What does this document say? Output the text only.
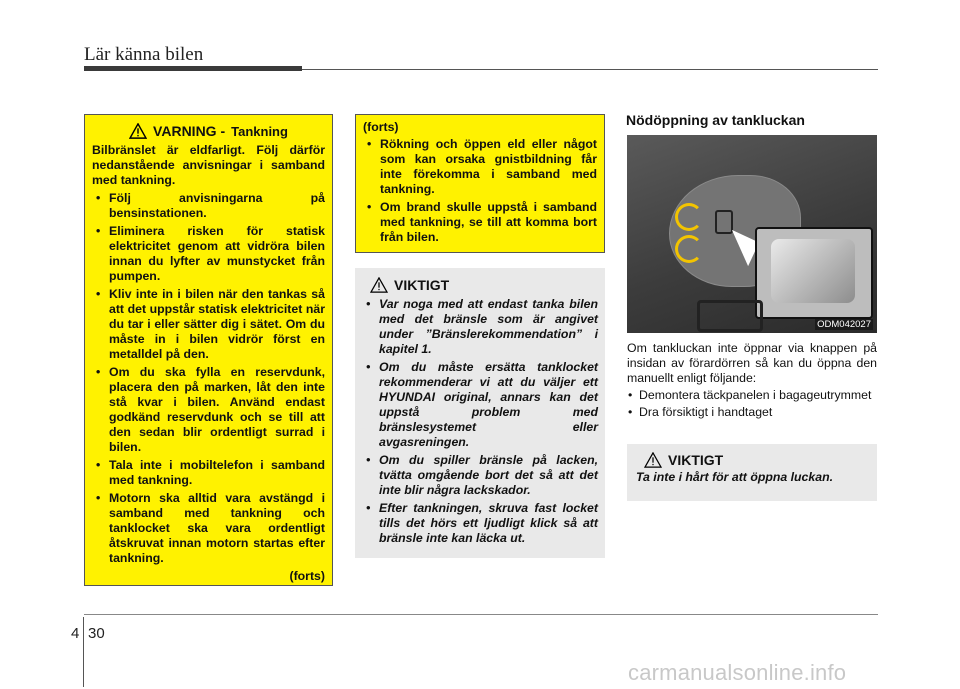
Lär känna bilen
VARNING - Tankning
Bilbränslet är eldfarligt. Följ därför nedanstående anvisningar i samband med tankning.
• Följ anvisningarna på bensinstationen.
• Eliminera risken för statisk elektricitet genom att vidröra bilen innan du lyfter av munstycket från pumpen.
• Kliv inte in i bilen när den tankas så att det uppstår statisk elektricitet när du tar i eller sätter dig i sätet. Om du måste in i bilen vidrör först en metalldel på den.
• Om du ska fylla en reservdunk, placera den på marken, låt den inte stå kvar i bilen. Använd endast godkänd reservdunk och se till att den sedan blir ordentligt surrad i bilen.
• Tala inte i mobiltelefon i samband med tankning.
• Motorn ska alltid vara avstängd i samband med tankning och tanklocket ska vara ordentligt åtskruvat innan motorn startas efter tankning.
(forts)
(forts)
• Rökning och öppen eld eller något som kan orsaka gnistbildning får inte förekomma i samband med tankning.
• Om brand skulle uppstå i samband med tankning, se till att komma bort från bilen.
VIKTIGT
• Var noga med att endast tanka bilen med det bränsle som är angivet under ”Bränslerekommendation” i kapitel 1.
• Om du måste ersätta tanklocket rekommenderar vi att du väljer ett HYUNDAI original, annars kan det uppstå problem med bränslesystemet eller avgasreningen.
• Om du spiller bränsle på lacken, tvätta omgående bort det så att det inte blir några lackskador.
• Efter tankningen, skruva fast locket tills det hörs ett ljudligt klick så att bränsle inte kan läcka ut.
Nödöppning av tankluckan
ODM042027
Om tankluckan inte öppnar via knappen på insidan av förardörren så kan du öppna den manuellt enligt följande:
• Demontera täckpanelen i bagageutrymmet
• Dra försiktigt i handtaget
VIKTIGT
Ta inte i hårt för att öppna luckan.
4 30
carmanualsonline.info
